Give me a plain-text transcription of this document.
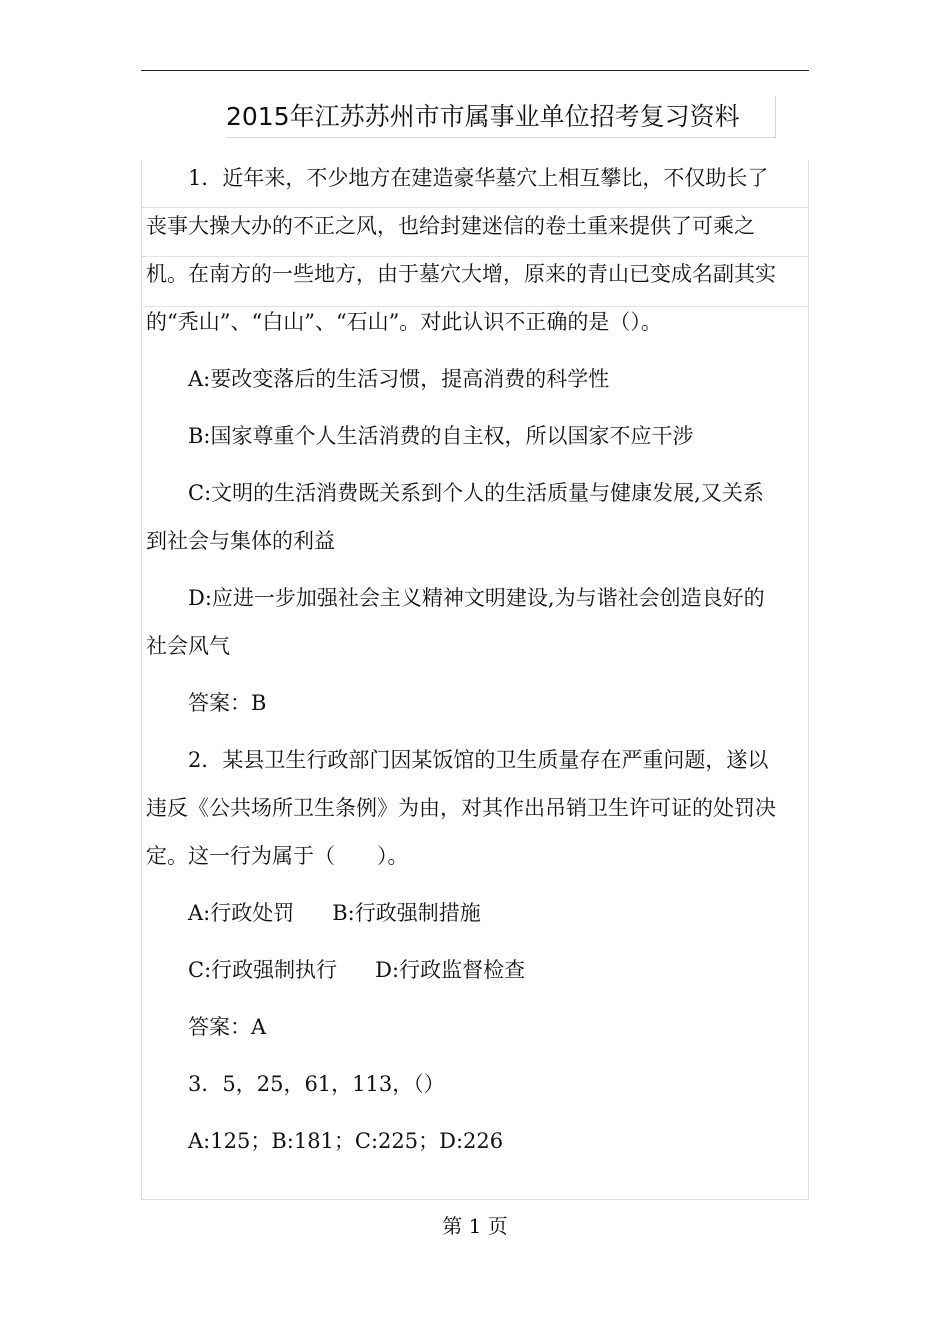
2015年江苏苏州市市属事业单位招考复习资料

1．近年来，不少地方在建造豪华墓穴上相互攀比，不仅助长了
丧事大操大办的不正之风，也给封建迷信的卷土重来提供了可乘之
机。在南方的一些地方，由于墓穴大增，原来的青山已变成名副其实
的“秃山”、“白山”、“石山”。对此认识不正确的是（）。

A:要改变落后的生活习惯，提高消费的科学性

B:国家尊重个人生活消费的自主权，所以国家不应干涉

C:文明的生活消费既关系到个人的生活质量与健康发展,又关系
到社会与集体的利益

D:应进一步加强社会主义精神文明建设,为与谐社会创造良好的
社会风气

答案：B

2．某县卫生行政部门因某饭馆的卫生质量存在严重问题，遂以
违反《公共场所卫生条例》为由，对其作出吊销卫生许可证的处罚决
定。这一行为属于（　　）。

A:行政处罚 B:行政强制措施

C:行政强制执行 D:行政监督检查

答案：A

3．5，25，61，113，（）

A:125；B:181；C:225；D:226

第 1 页
